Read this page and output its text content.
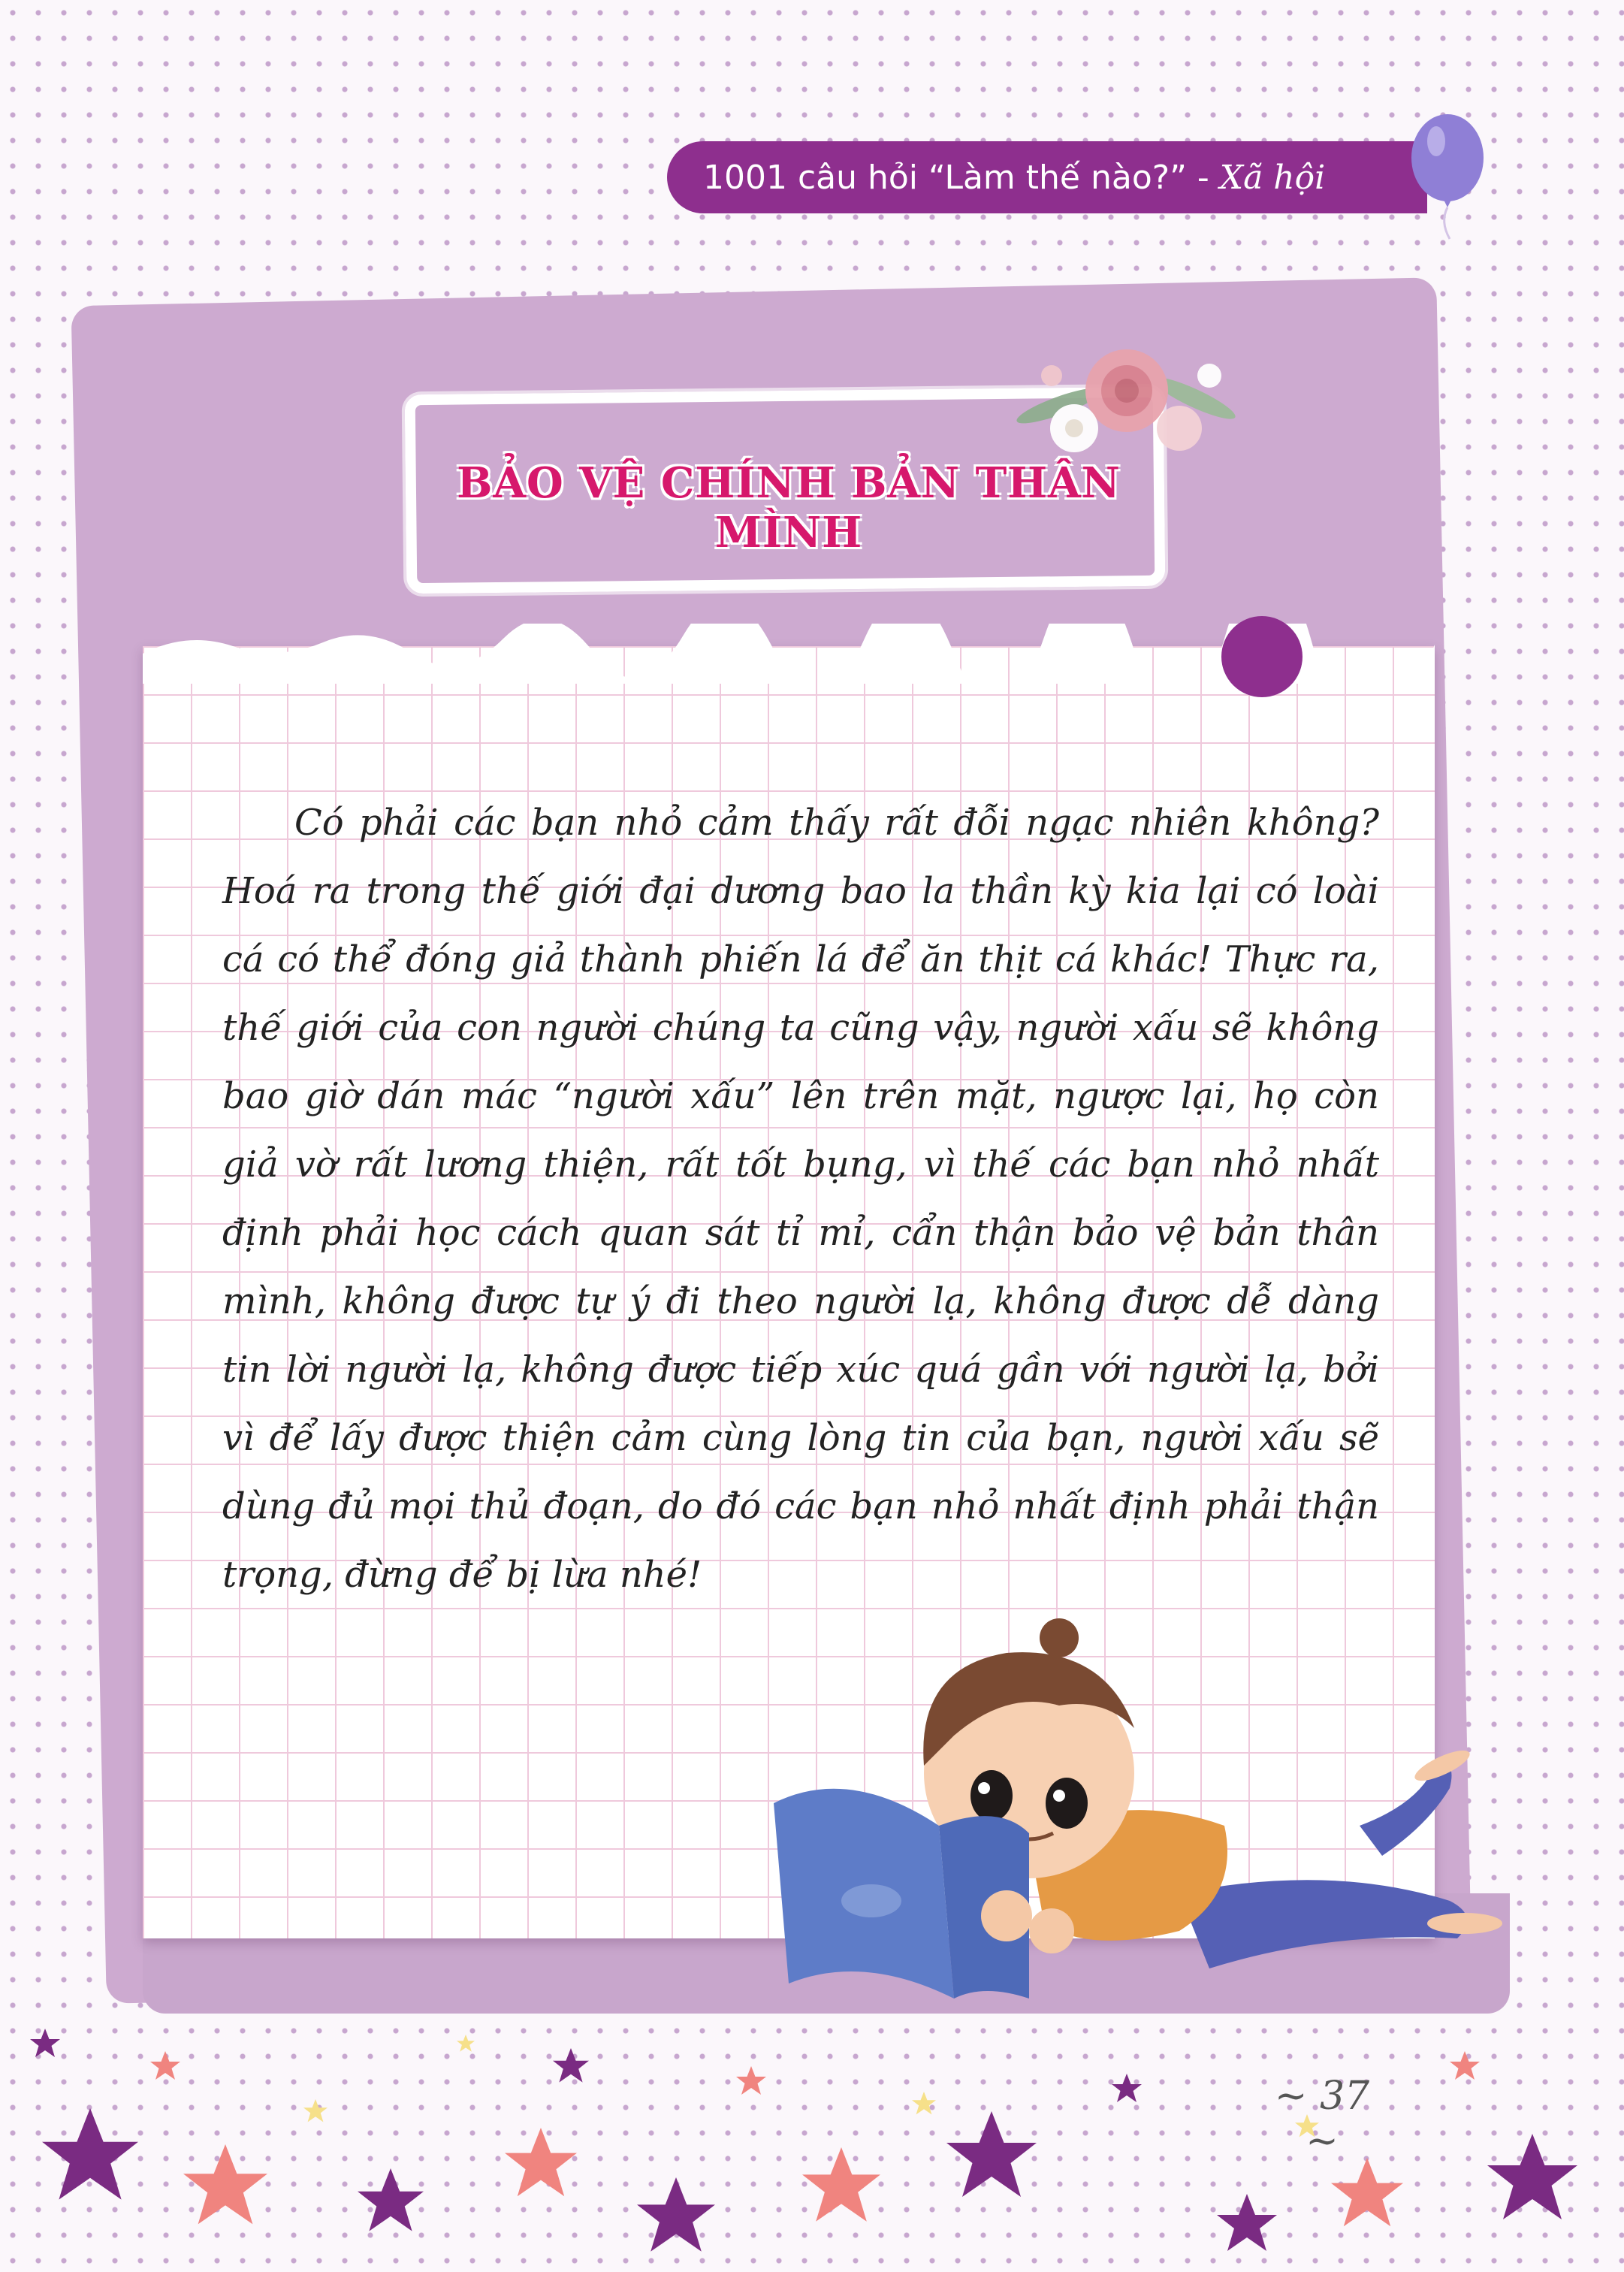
1001 câu hỏi “Làm thế nào?” - Xã hội
BẢO VỆ CHÍNH BẢN THÂN MÌNH
Có phải các bạn nhỏ cảm thấy rất đỗi ngạc nhiên không? Hoá ra trong thế giới đại dương bao la thần kỳ kia lại có loài cá có thể đóng giả thành phiến lá để ăn thịt cá khác! Thực ra, thế giới của con người chúng ta cũng vậy, người xấu sẽ không bao giờ dán mác “người xấu” lên trên mặt, ngược lại, họ còn giả vờ rất lương thiện, rất tốt bụng, vì thế các bạn nhỏ nhất định phải học cách quan sát tỉ mỉ, cẩn thận bảo vệ bản thân mình, không được tự ý đi theo người lạ, không được dễ dàng tin lời người lạ, không được tiếp xúc quá gần với người lạ, bởi vì để lấy được thiện cảm cùng lòng tin của bạn, người xấu sẽ dùng đủ mọi thủ đoạn, do đó các bạn nhỏ nhất định phải thận trọng, đừng để bị lừa nhé!
~ 37 ~
